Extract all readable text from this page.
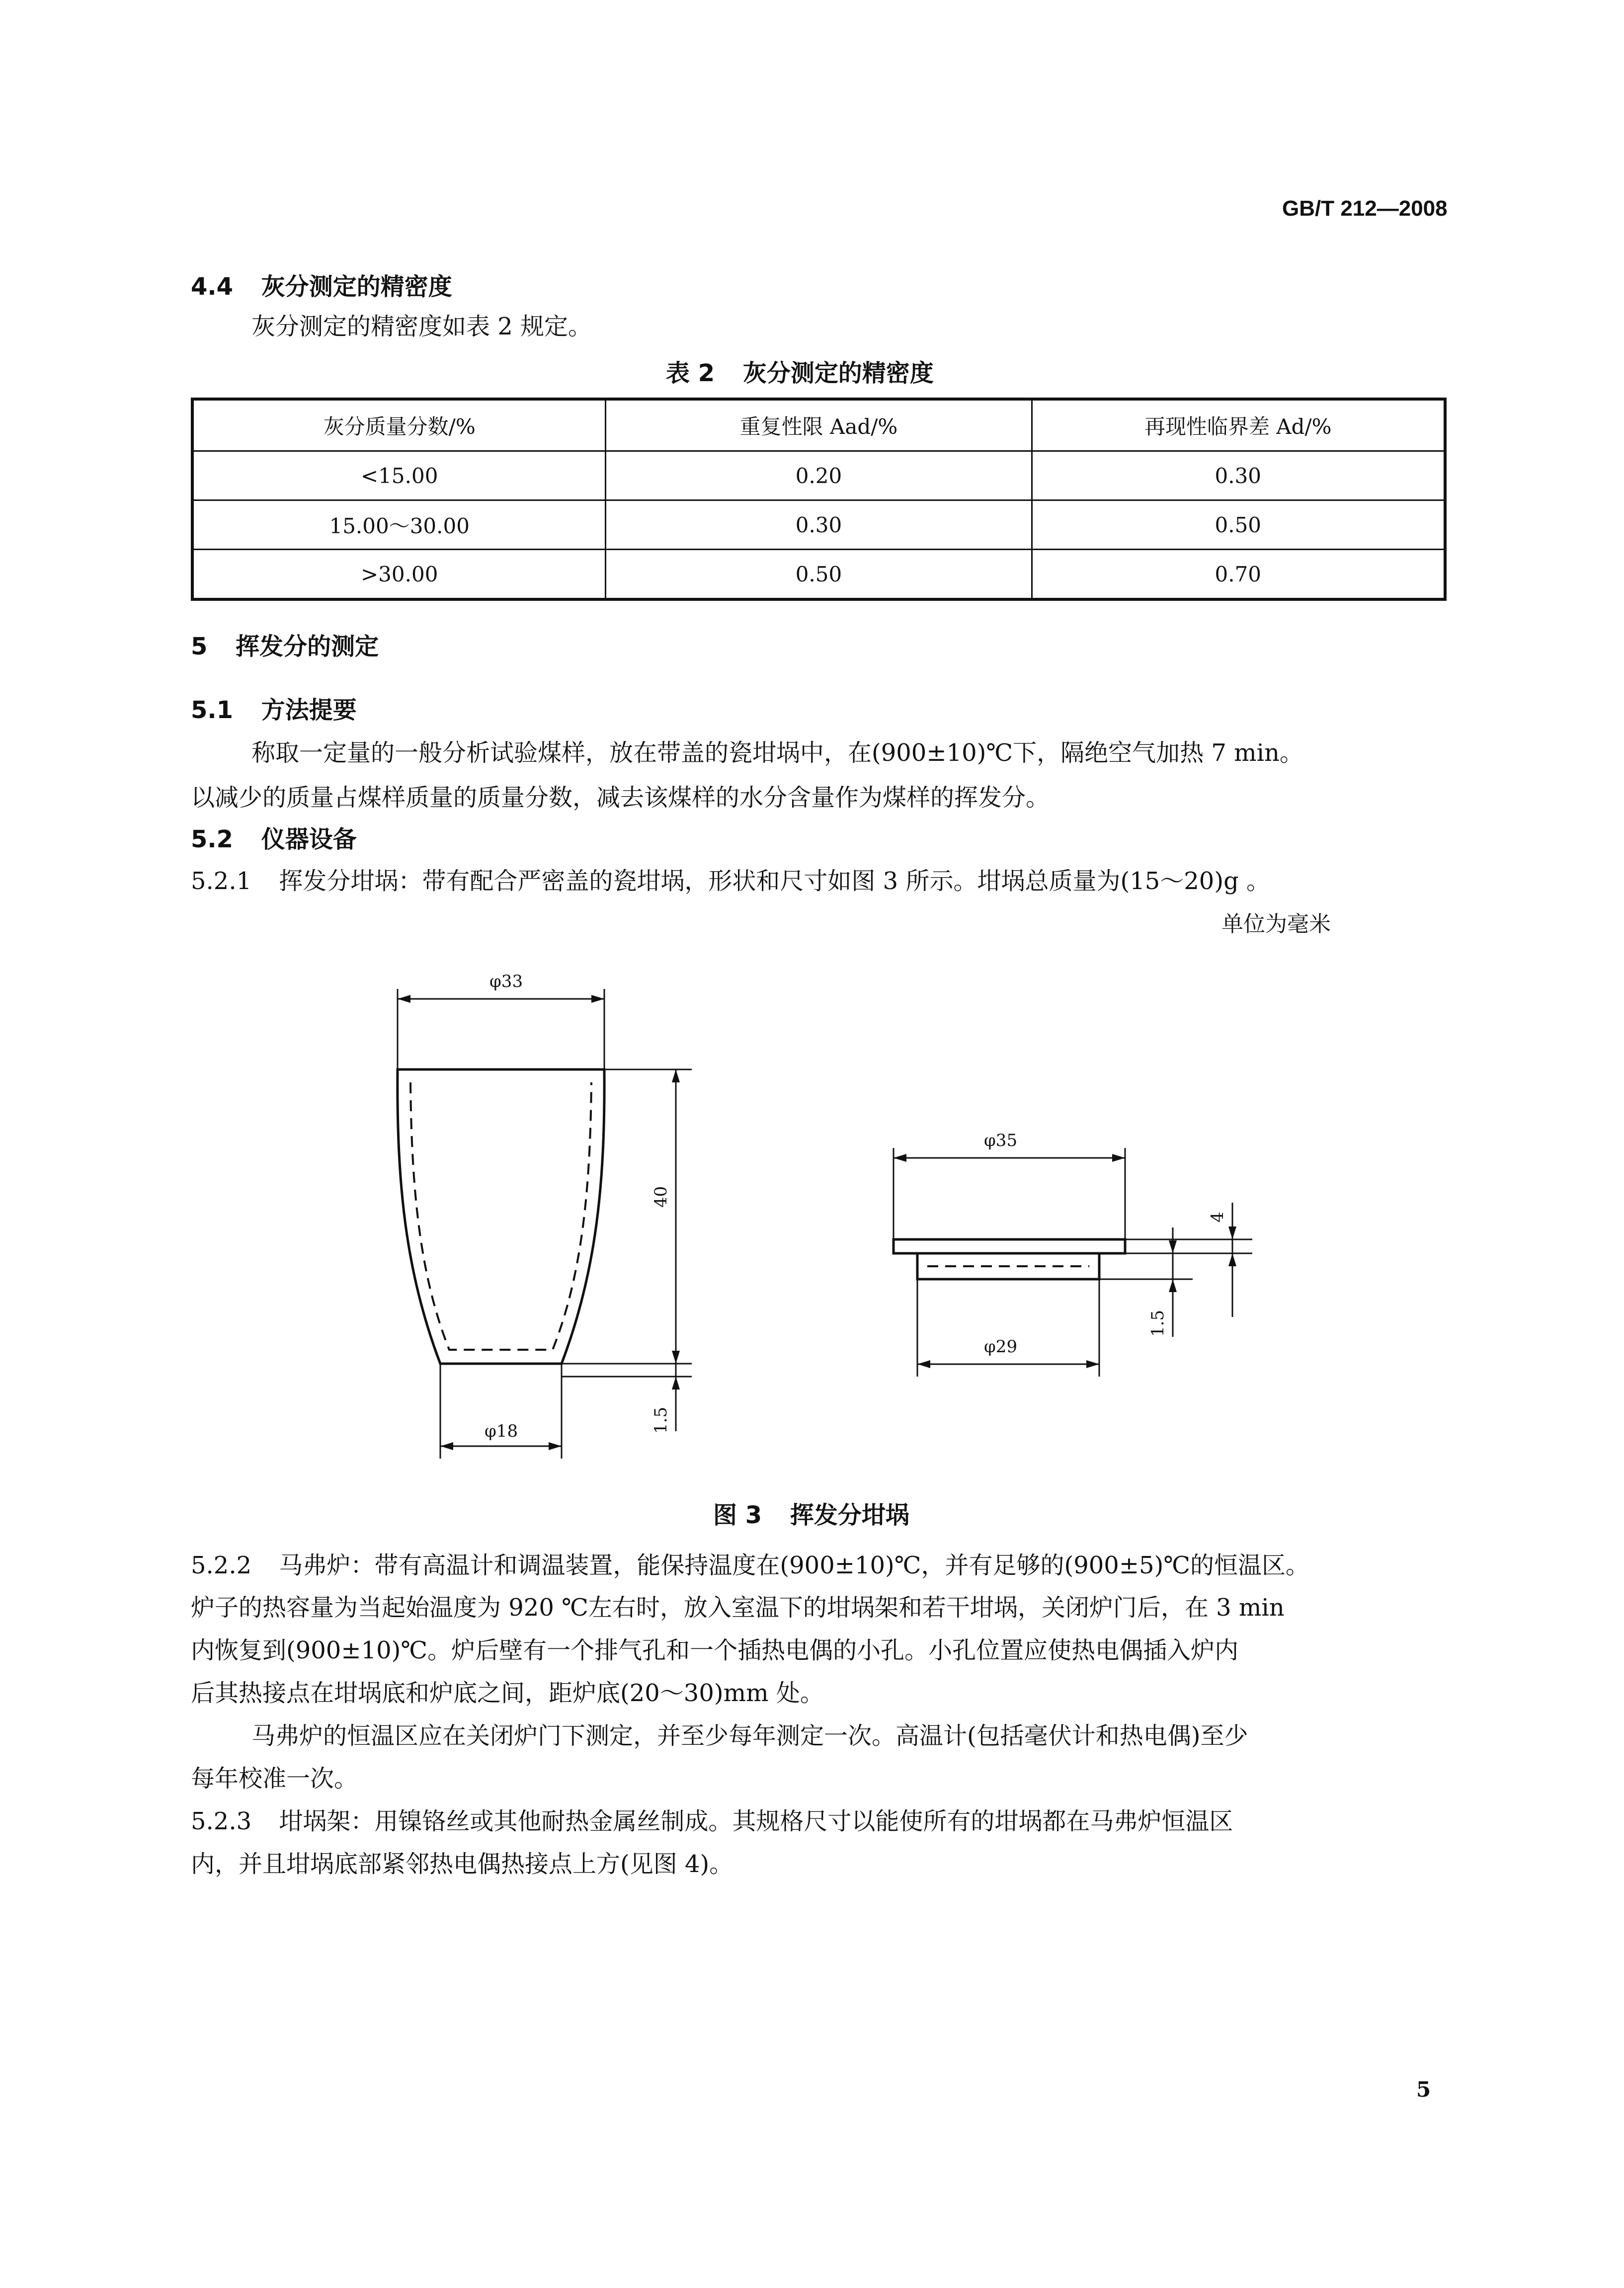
GB/T 212—2008
4.4 灰分测定的精密度
灰分测定的精密度如表 2 规定。
表 2 灰分测定的精密度
灰分质量分数/%	重复性限 Aad/%	再现性临界差 Ad/%
<15.00	0.20	0.30
15.00～30.00	0.30	0.50
>30.00	0.50	0.70
5 挥发分的测定
5.1 方法提要
称取一定量的一般分析试验煤样，放在带盖的瓷坩埚中，在(900±10)℃下，隔绝空气加热 7 min。
以减少的质量占煤样质量的质量分数，减去该煤样的水分含量作为煤样的挥发分。
5.2 仪器设备
5.2.1 挥发分坩埚：带有配合严密盖的瓷坩埚，形状和尺寸如图 3 所示。坩埚总质量为(15～20)g 。
单位为毫米
φ33
40
1.5
φ18
φ35
4
1.5
φ29
图 3 挥发分坩埚
5.2.2 马弗炉：带有高温计和调温装置，能保持温度在(900±10)℃，并有足够的(900±5)℃的恒温区。
炉子的热容量为当起始温度为 920 ℃左右时，放入室温下的坩埚架和若干坩埚，关闭炉门后，在 3 min
内恢复到(900±10)℃。炉后壁有一个排气孔和一个插热电偶的小孔。小孔位置应使热电偶插入炉内
后其热接点在坩埚底和炉底之间，距炉底(20～30)mm 处。
马弗炉的恒温区应在关闭炉门下测定，并至少每年测定一次。高温计(包括毫伏计和热电偶)至少
每年校准一次。
5.2.3 坩埚架：用镍铬丝或其他耐热金属丝制成。其规格尺寸以能使所有的坩埚都在马弗炉恒温区
内，并且坩埚底部紧邻热电偶热接点上方(见图 4)。
5
